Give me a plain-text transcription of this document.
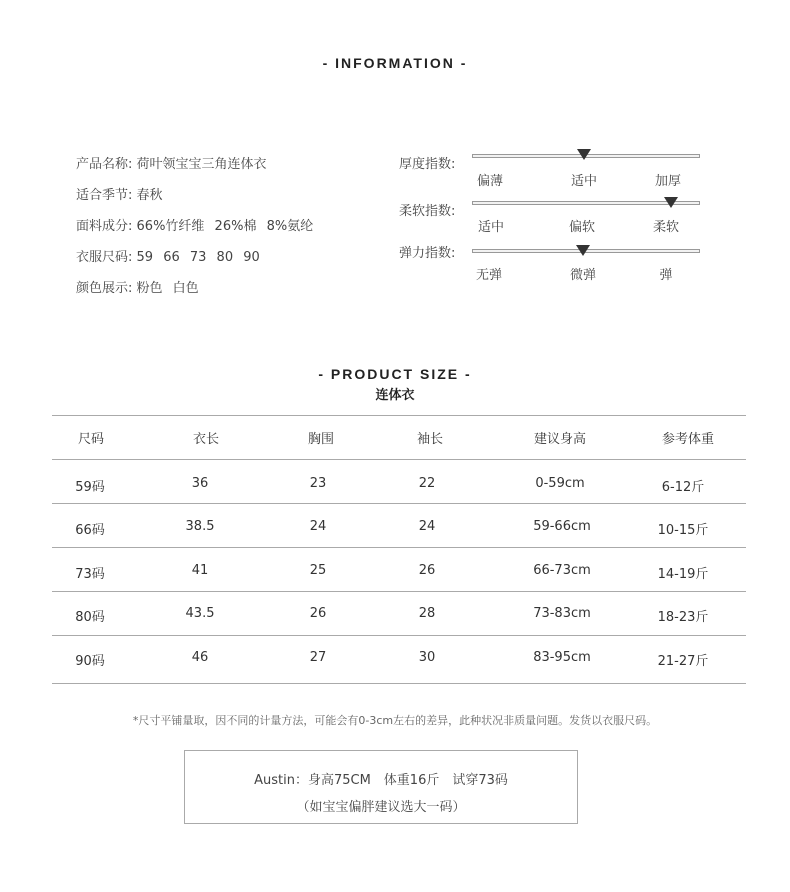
- INFORMATION -
产品名称: 荷叶领宝宝三角连体衣
适合季节: 春秋
面料成分: 66%竹纤维 26%棉 8%氨纶
衣服尺码: 59 66 73 80 90
颜色展示: 粉色 白色
厚度指数:
偏薄	适中	加厚
柔软指数:
适中	偏软	柔软
弹力指数:
无弹	微弹	弹
- PRODUCT SIZE -
连体衣
尺码	衣长	胸围	袖长	建议身高	参考体重
59码	36	23	22	0-59cm	6-12斤
66码	38.5	24	24	59-66cm	10-15斤
73码	41	25	26	66-73cm	14-19斤
80码	43.5	26	28	73-83cm	18-23斤
90码	46	27	30	83-95cm	21-27斤
*尺寸平铺量取，因不同的计量方法，可能会有0-3cm左右的差异，此种状况非质量问题。发货以衣服尺码。
Austin：身高75CM　体重16斤　试穿73码
（如宝宝偏胖建议选大一码）
